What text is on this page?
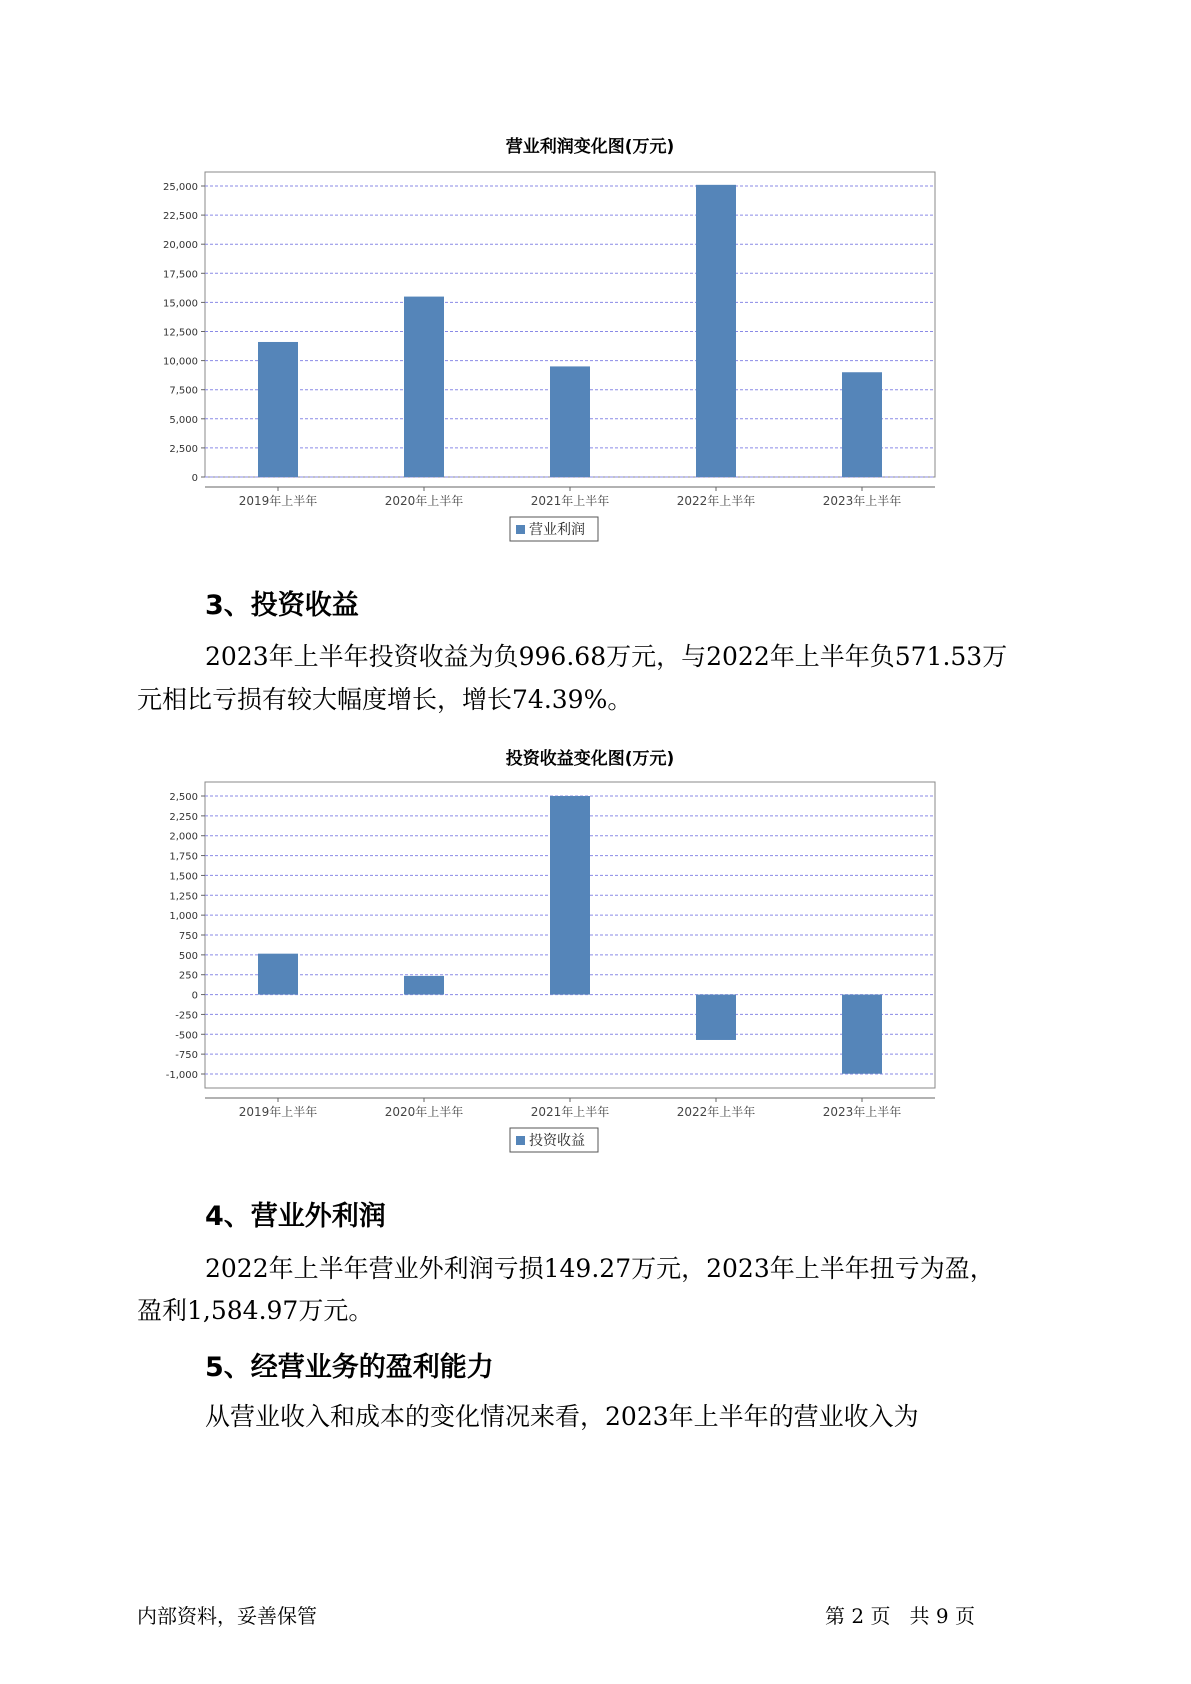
营业利润变化图(万元)
0
2,500
5,000
7,500
10,000
12,500
15,000
17,500
20,000
22,500
25,000
2019年上半年	2020年上半年	2021年上半年	2022年上半年	2023年上半年
营业利润
3、投资收益
2023年上半年投资收益为负996.68万元，与2022年上半年负571.53万
元相比亏损有较大幅度增长，增长74.39%。
投资收益变化图(万元)
-1,000
-750
-500
-250
0
250
500
750
1,000
1,250
1,500
1,750
2,000
2,250
2,500
2019年上半年	2020年上半年	2021年上半年	2022年上半年	2023年上半年
投资收益
4、营业外利润
2022年上半年营业外利润亏损149.27万元，2023年上半年扭亏为盈，
盈利1,584.97万元。
5、经营业务的盈利能力
从营业收入和成本的变化情况来看，2023年上半年的营业收入为
内部资料，妥善保管	第 2 页   共 9 页
